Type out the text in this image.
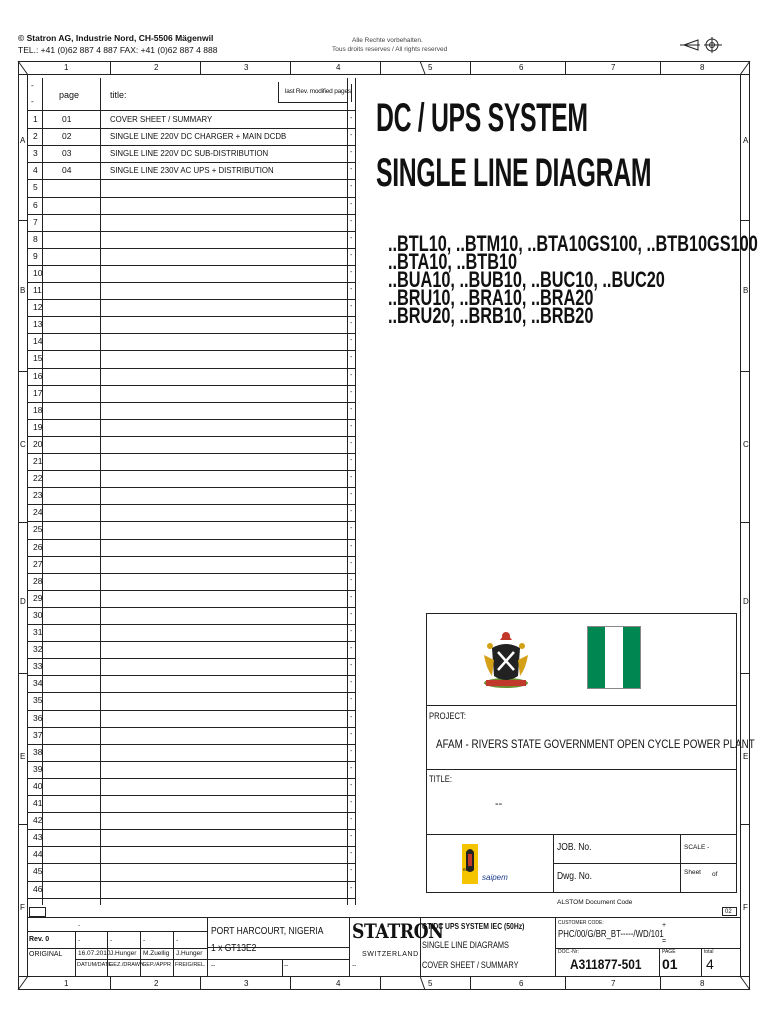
© Statron AG, Industrie Nord, CH-5506 Mägenwil
TEL.: +41 (0)62 887 4 887 FAX: +41 (0)62 887 4 888
Alle Rechte vorbehalten.
Tous droits reserves / All rights reserved
1	2	3	4	5	6	7	8
1	2	3	4	5	6	7	8
A	A
B	B
C	C
D	D
E	E
F	F
-
-
page	title:	last Rev. modified pages
1	01	COVER SHEET / SUMMARY	-
2	02	SINGLE LINE 220V DC CHARGER + MAIN DCDB	-
3	03	SINGLE LINE 220V DC SUB-DISTRIBUTION	-
4	04	SINGLE LINE 230V AC UPS + DISTRIBUTION	-
5	-
6	-
7	-
8	-
9	-
10	-
11	-
12	-
13	-
14	-
15	-
16	-
17	-
18	-
19	-
20	-
21	-
22	-
23	-
24	-
25	-
26	-
27	-
28	-
29	-
30	-
31	-
32	-
33	-
34	-
35	-
36	-
37	-
38	-
39	-
40	-
41	-
42	-
43	-
44	-
45	-
46	-
DC / UPS SYSTEM
SINGLE LINE DIAGRAM
..BTL10, ..BTM10, ..BTA10GS100, ..BTB10GS100
..BTA10, ..BTB10
..BUA10, ..BUB10, ..BUC10, ..BUC20
..BRU10, ..BRA10, ..BRA20
..BRU20, ..BRB10, ..BRB20
PROJECT:
AFAM - RIVERS STATE GOVERNMENT OPEN CYCLE POWER PLANT
TITLE:
--
eni
saipem
JOB. No.	SCALE -
Dwg. No.	Sheet of
ALSTOM Document Code
02
Rev. 0
ORIGINAL 16.07.2010 J.Hunger M.Zuellig J.Hunger
-
-	-	-	-
DATUM/DATE
GEZ./DRAWN
GEP./APPR FREIG/REL.
PORT HARCOURT, NIGERIA
1 x GT13E2
--	--	--
STATRON
SWITZERLAND
GT/DC UPS SYSTEM IEC (50Hz)
SINGLE LINE DIAGRAMS
COVER SHEET / SUMMARY
CUSTOMER CODE:
PHC/00/G/BR_BT-----/WD/101
+
=
DOC.-Nr:
A311877-501
PAGE
01
total
4
